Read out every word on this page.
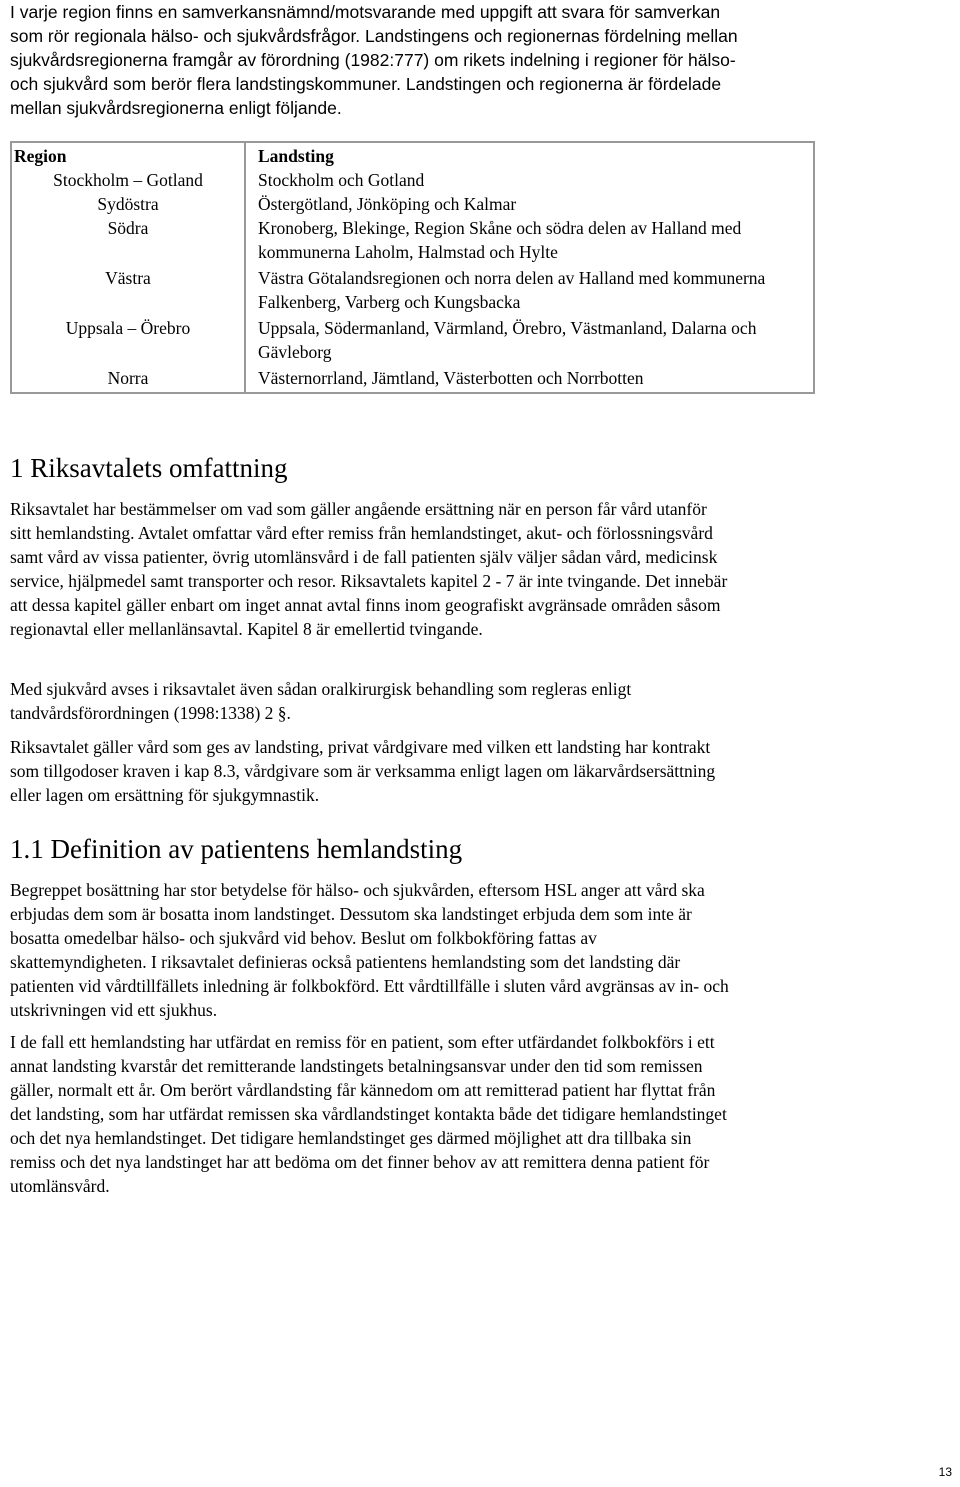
I varje region finns en samverkansnämnd/motsvarande med uppgift att svara för samverkan som rör regionala hälso- och sjukvårdsfrågor. Landstingens och regionernas fördelning mellan sjukvårdsregionerna framgår av förordning (1982:777) om rikets indelning i regioner för hälso- och sjukvård som berör flera landstingskommuner. Landstingen och regionerna är fördelade mellan sjukvårdsregionerna enligt följande.

Region	Landsting
Stockholm – Gotland	Stockholm och Gotland
Sydöstra	Östergötland, Jönköping och Kalmar
Södra	Kronoberg, Blekinge, Region Skåne och södra delen av Halland med kommunerna Laholm, Halmstad och Hylte
Västra	Västra Götalandsregionen och norra delen av Halland med kommunerna Falkenberg, Varberg och Kungsbacka
Uppsala – Örebro	Uppsala, Södermanland, Värmland, Örebro, Västmanland, Dalarna och Gävleborg
Norra	Västernorrland, Jämtland, Västerbotten och Norrbotten
1 Riksavtalets omfattning

Riksavtalet har bestämmelser om vad som gäller angående ersättning när en person får vård utanför sitt hemlandsting. Avtalet omfattar vård efter remiss från hemlandstinget, akut- och förlossningsvård samt vård av vissa patienter, övrig utomlänsvård i de fall patienten själv väljer sådan vård, medicinsk service, hjälpmedel samt transporter och resor. Riksavtalets kapitel 2 - 7 är inte tvingande. Det innebär att dessa kapitel gäller enbart om inget annat avtal finns inom geografiskt avgränsade områden såsom regionavtal eller mellanlänsavtal. Kapitel 8 är emellertid tvingande.

Med sjukvård avses i riksavtalet även sådan oralkirurgisk behandling som regleras enligt tandvårdsförordningen (1998:1338) 2 §.

Riksavtalet gäller vård som ges av landsting, privat vårdgivare med vilken ett landsting har kontrakt som tillgodoser kraven i kap 8.3, vårdgivare som är verksamma enligt lagen om läkarvårdsersättning eller lagen om ersättning för sjukgymnastik.

1.1 Definition av patientens hemlandsting

Begreppet bosättning har stor betydelse för hälso- och sjukvården, eftersom HSL anger att vård ska erbjudas dem som är bosatta inom landstinget. Dessutom ska landstinget erbjuda dem som inte är bosatta omedelbar hälso- och sjukvård vid behov. Beslut om folkbokföring fattas av skattemyndigheten. I riksavtalet definieras också patientens hemlandsting som det landsting där patienten vid vårdtillfällets inledning är folkbokförd. Ett vårdtillfälle i sluten vård avgränsas av in- och utskrivningen vid ett sjukhus.

I de fall ett hemlandsting har utfärdat en remiss för en patient, som efter utfärdandet folkbokförs i ett annat landsting kvarstår det remitterande landstingets betalningsansvar under den tid som remissen gäller, normalt ett år. Om berört vårdlandsting får kännedom om att remitterad patient har flyttat från det landsting, som har utfärdat remissen ska vårdlandstinget kontakta både det tidigare hemlandstinget och det nya hemlandstinget. Det tidigare hemlandstinget ges därmed möjlighet att dra tillbaka sin remiss och det nya landstinget har att bedöma om det finner behov av att remittera denna patient för utomlänsvård.

13
